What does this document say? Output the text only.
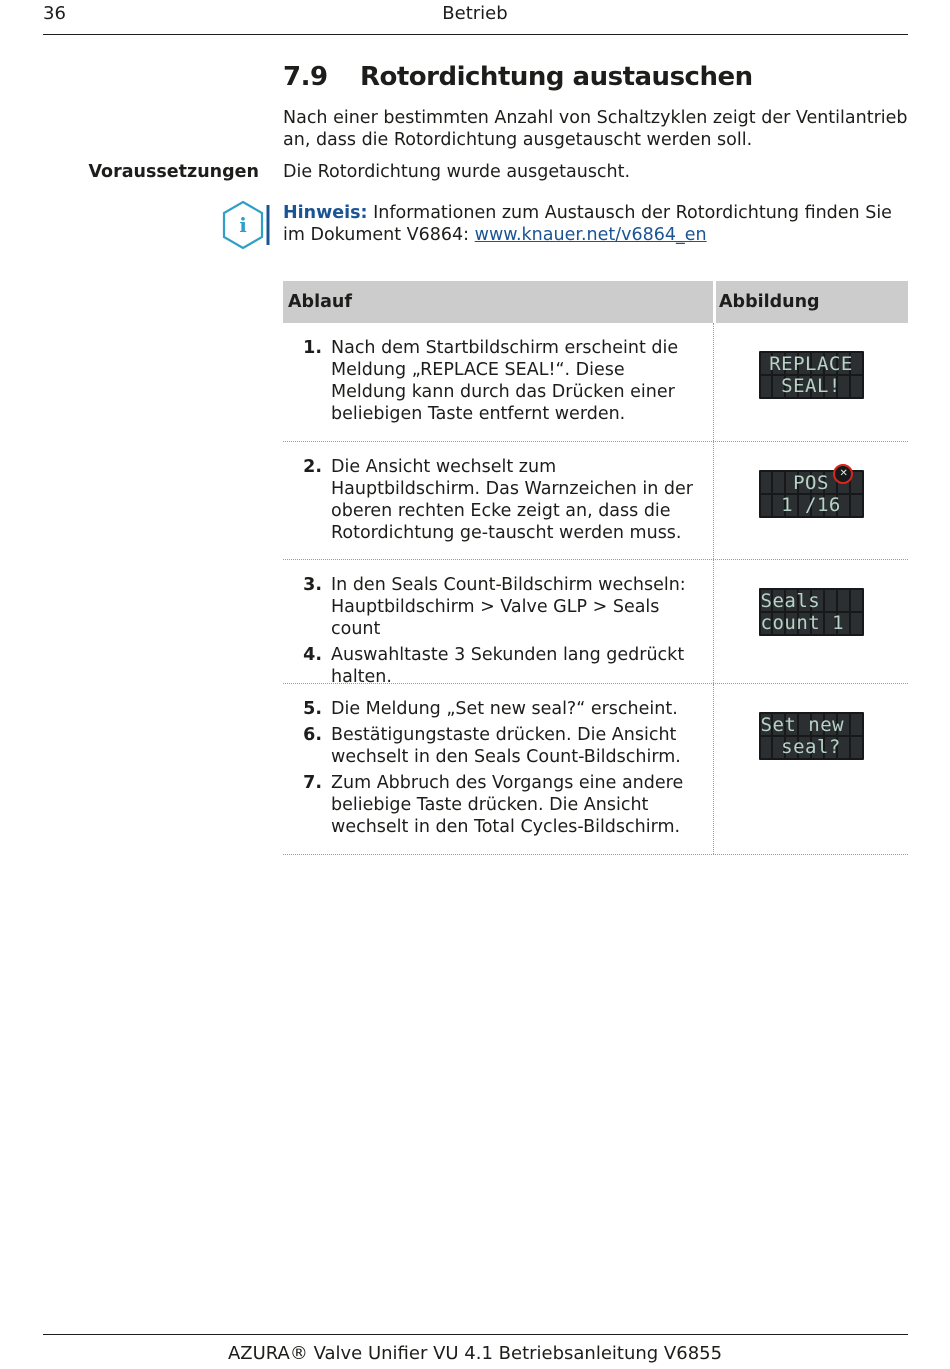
36	Betrieb
7.9 Rotordichtung austauschen
Nach einer bestimmten Anzahl von Schaltzyklen zeigt der Ventilantrieb an, dass die Rotordichtung ausgetauscht werden soll.
Voraussetzungen Die Rotordichtung wurde ausgetauscht.
i Hinweis: Informationen zum Austausch der Rotordichtung finden Sie im Dokument V6864: www.knauer.net/v6864_en
Ablauf	Abbildung
1. Nach dem Startbildschirm erscheint die Meldung „REPLACE SEAL!“. Diese Meldung kann durch das Drücken einer beliebigen Taste entfernt werden.
REPLACE
SEAL!
2. Die Ansicht wechselt zum Hauptbildschirm. Das Warnzeichen in der oberen rechten Ecke zeigt an, dass die Rotordichtung ge-tauscht werden muss.
POS
1 /16
✕
3. In den Seals Count-Bildschirm wechseln: Hauptbildschirm > Valve GLP > Seals count
4. Auswahltaste 3 Sekunden lang gedrückt halten.
Seals
count 1
5. Die Meldung „Set new seal?“ erscheint.
6. Bestätigungstaste drücken. Die Ansicht wechselt in den Seals Count-Bildschirm.
7. Zum Abbruch des Vorgangs eine andere beliebige Taste drücken. Die Ansicht wechselt in den Total Cycles-Bildschirm.
Set new
seal?
AZURA® Valve Unifier VU 4.1 Betriebsanleitung V6855
